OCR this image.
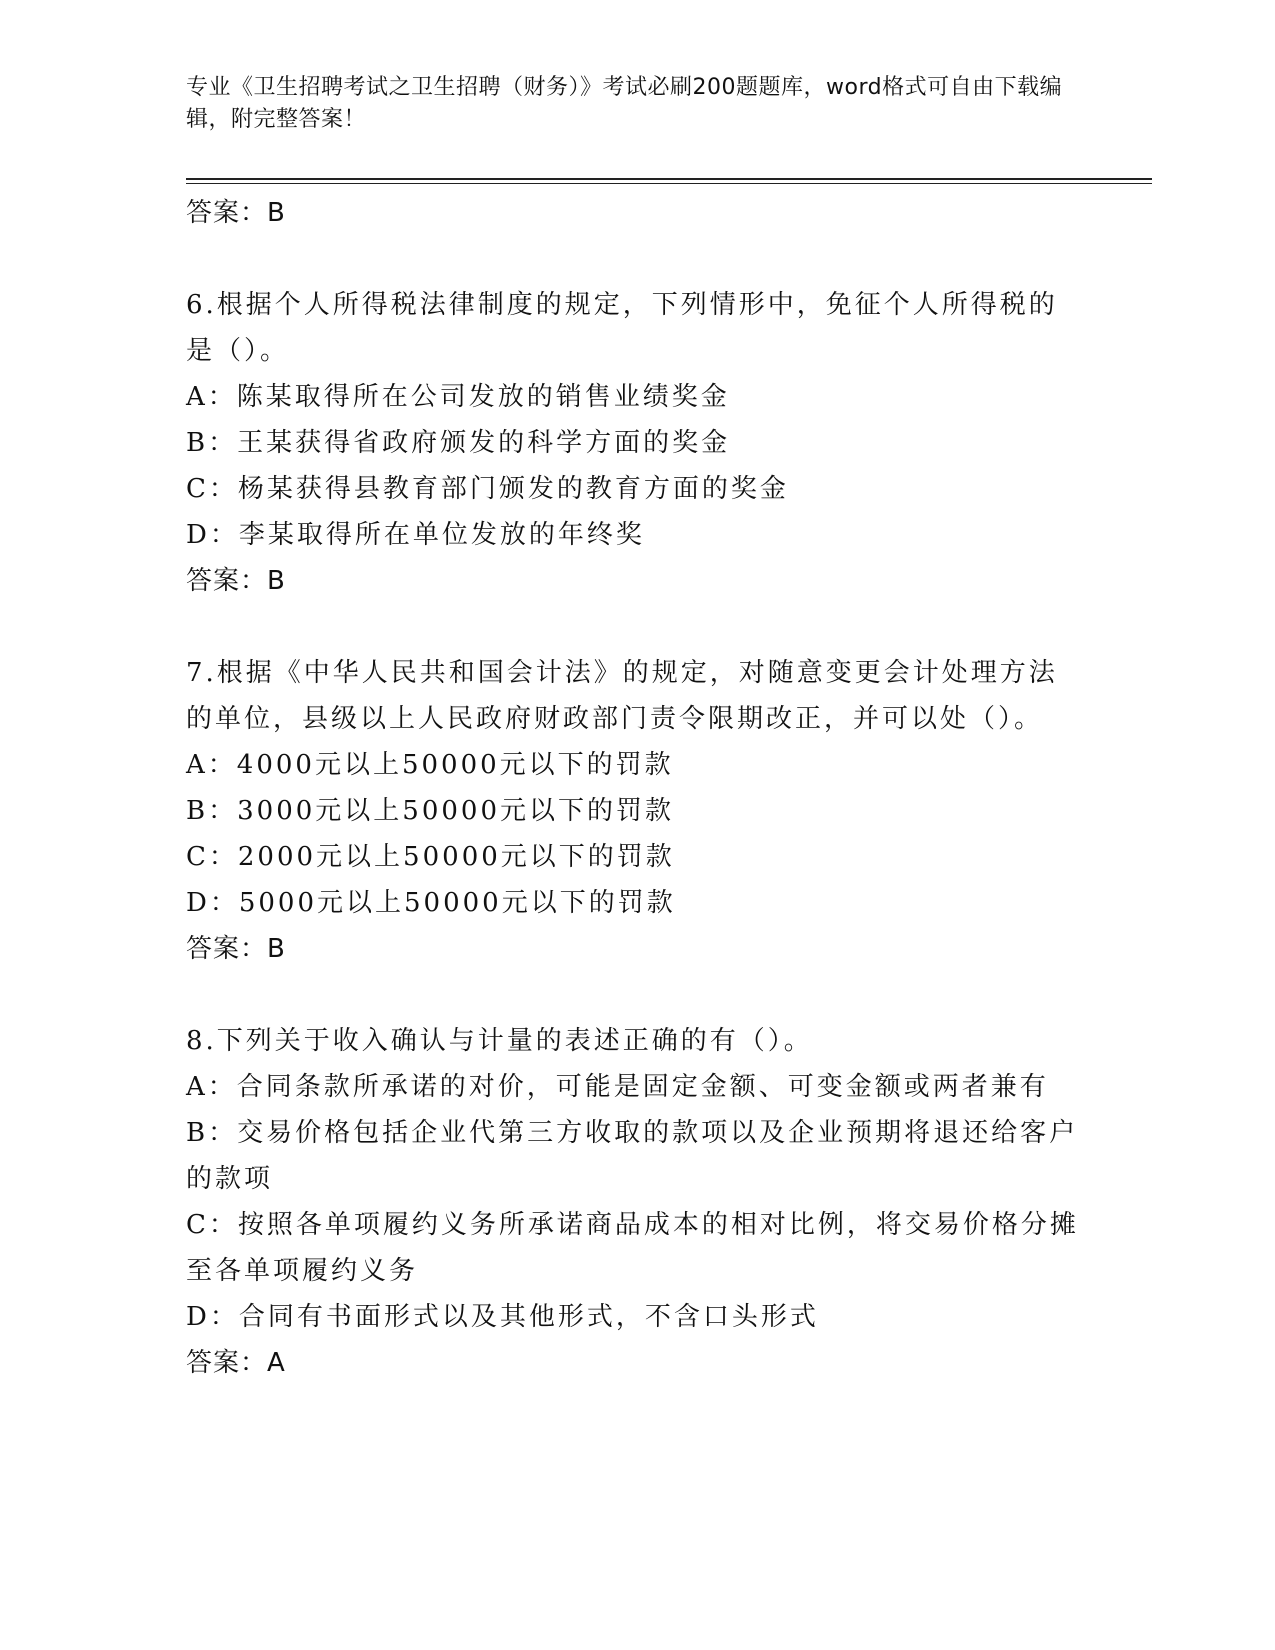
专业《卫生招聘考试之卫生招聘（财务）》考试必刷200题题库，word格式可自由下载编辑，附完整答案！
答案：B
6.根据个人所得税法律制度的规定，下列情形中，免征个人所得税的是（）。
A：陈某取得所在公司发放的销售业绩奖金
B：王某获得省政府颁发的科学方面的奖金
C：杨某获得县教育部门颁发的教育方面的奖金
D：李某取得所在单位发放的年终奖
答案：B
7.根据《中华人民共和国会计法》的规定，对随意变更会计处理方法的单位，县级以上人民政府财政部门责令限期改正，并可以处（）。
A：4000元以上50000元以下的罚款
B：3000元以上50000元以下的罚款
C：2000元以上50000元以下的罚款
D：5000元以上50000元以下的罚款
答案：B
8.下列关于收入确认与计量的表述正确的有（）。
A：合同条款所承诺的对价，可能是固定金额、可变金额或两者兼有
B：交易价格包括企业代第三方收取的款项以及企业预期将退还给客户的款项
C：按照各单项履约义务所承诺商品成本的相对比例，将交易价格分摊至各单项履约义务
D：合同有书面形式以及其他形式，不含口头形式
答案：A
